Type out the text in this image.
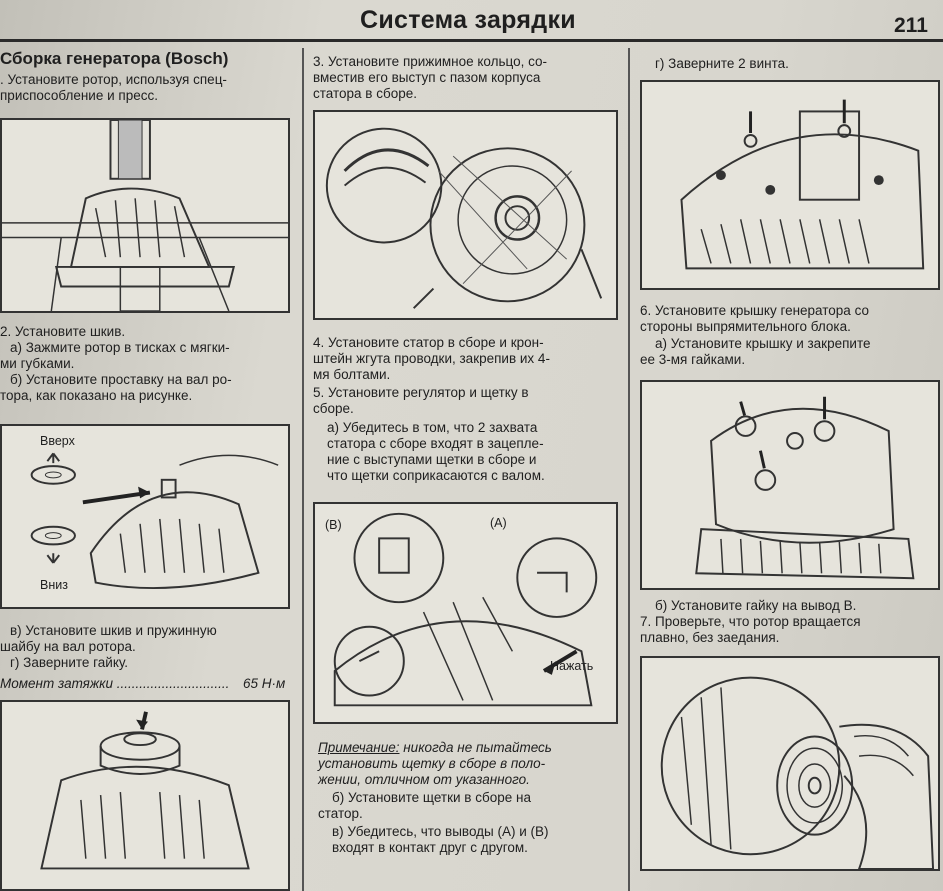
Система зарядки	211
Сборка генератора (Bosch)
. Установите ротор, используя спец-
приспособление и пресс.
2. Установите шкив.
а) Зажмите ротор в тисках с мягки-
ми губками.
б) Установите проставку на вал ро-
тора, как показано на рисунке.
Вверх
Вниз
в) Установите шкив и пружинную
шайбу на вал ротора.
г) Заверните гайку.
Момент затяжки .............................. 65 Н·м
3. Установите прижимное кольцо, со-
вместив его выступ с пазом корпуса
статора в сборе.
4. Установите статор в сборе и крон-
штейн жгута проводки, закрепив их 4-
мя болтами.
5. Установите регулятор и щетку в
сборе.
а) Убедитесь в том, что 2 захвата
статора с сборе входят в зацепле-
ние с выступами щетки в сборе и
что щетки соприкасаются с валом.
(В)	(А)
Нажать
Примечание: никогда не пытайтесь
установить щетку в сборе в поло-
жении, отличном от указанного.
б) Установите щетки в сборе на
статор.
в) Убедитесь, что выводы (А) и (В)
входят в контакт друг с другом.
г) Заверните 2 винта.
6. Установите крышку генератора со
стороны выпрямительного блока.
а) Установите крышку и закрепите
ее 3-мя гайками.
б) Установите гайку на вывод В.
7. Проверьте, что ротор вращается
плавно, без заедания.
